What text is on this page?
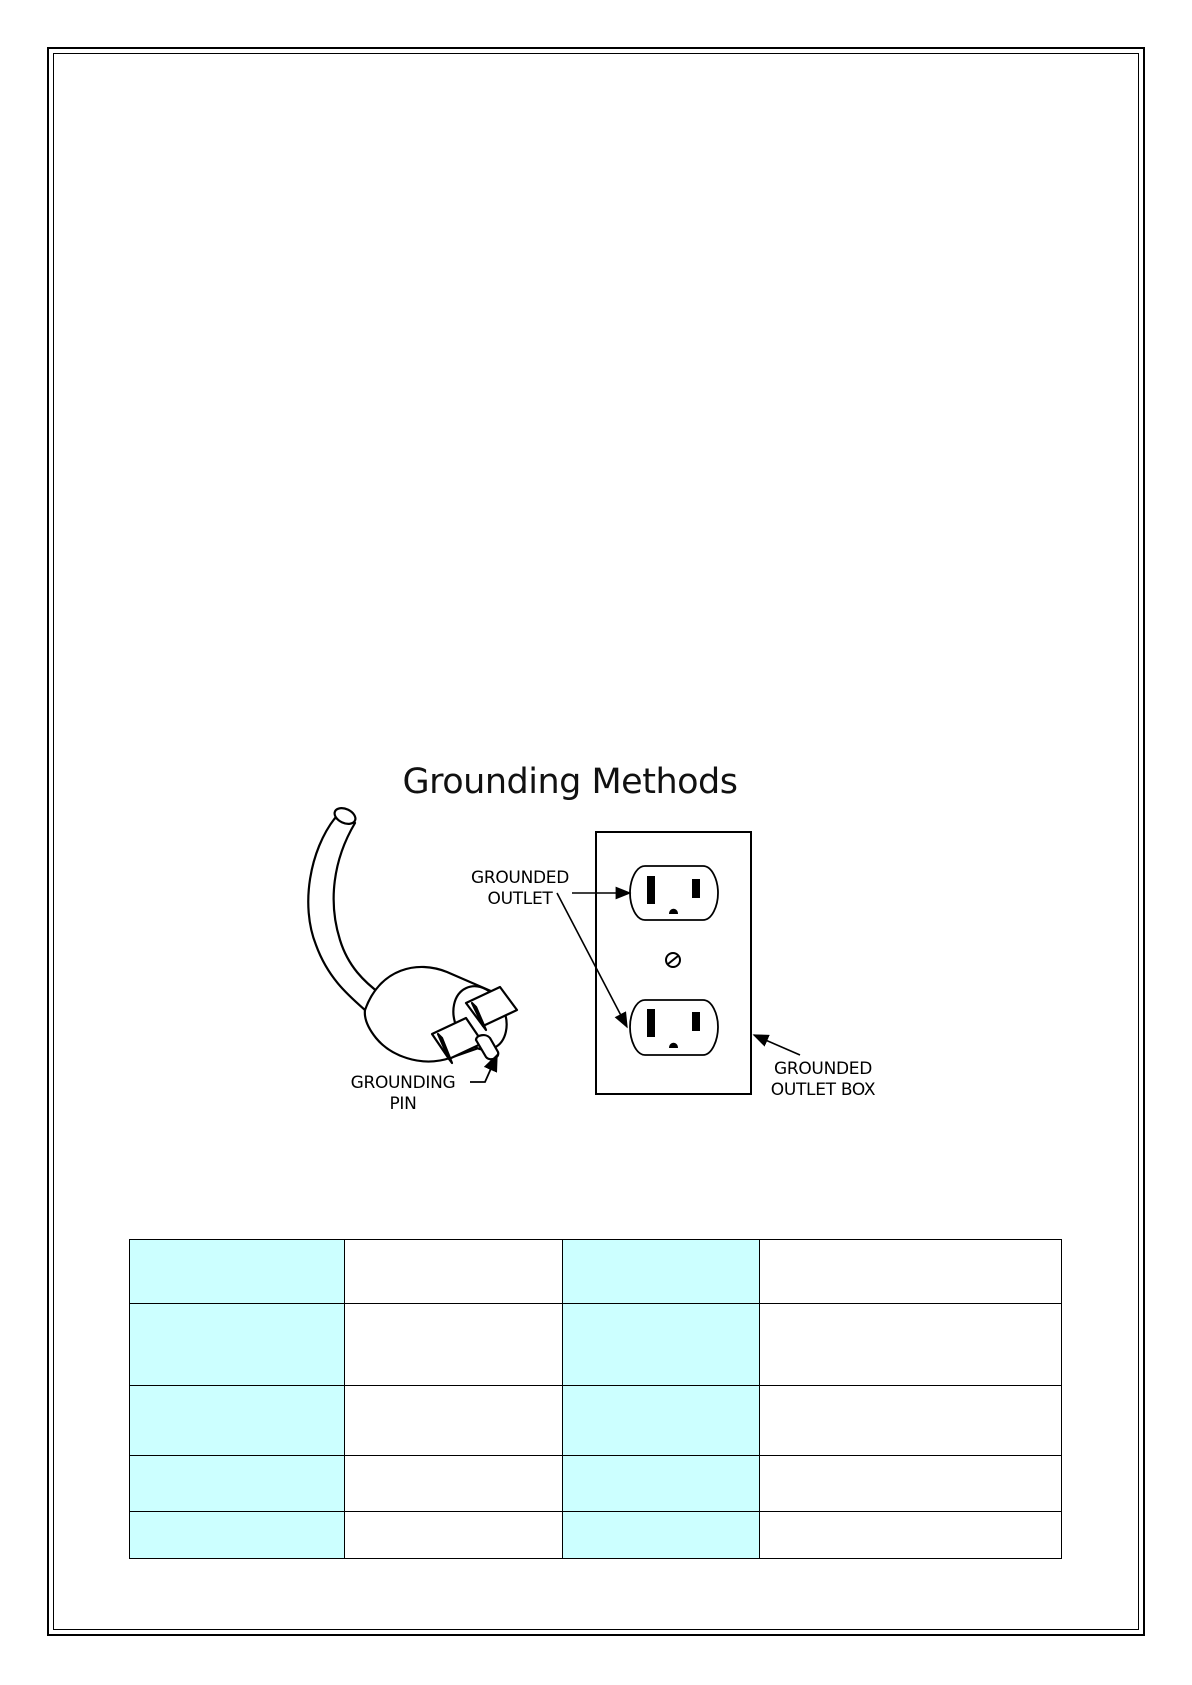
Grounding Methods
GROUNDED
OUTLET
GROUNDING
PIN
GROUNDED
OUTLET BOX
